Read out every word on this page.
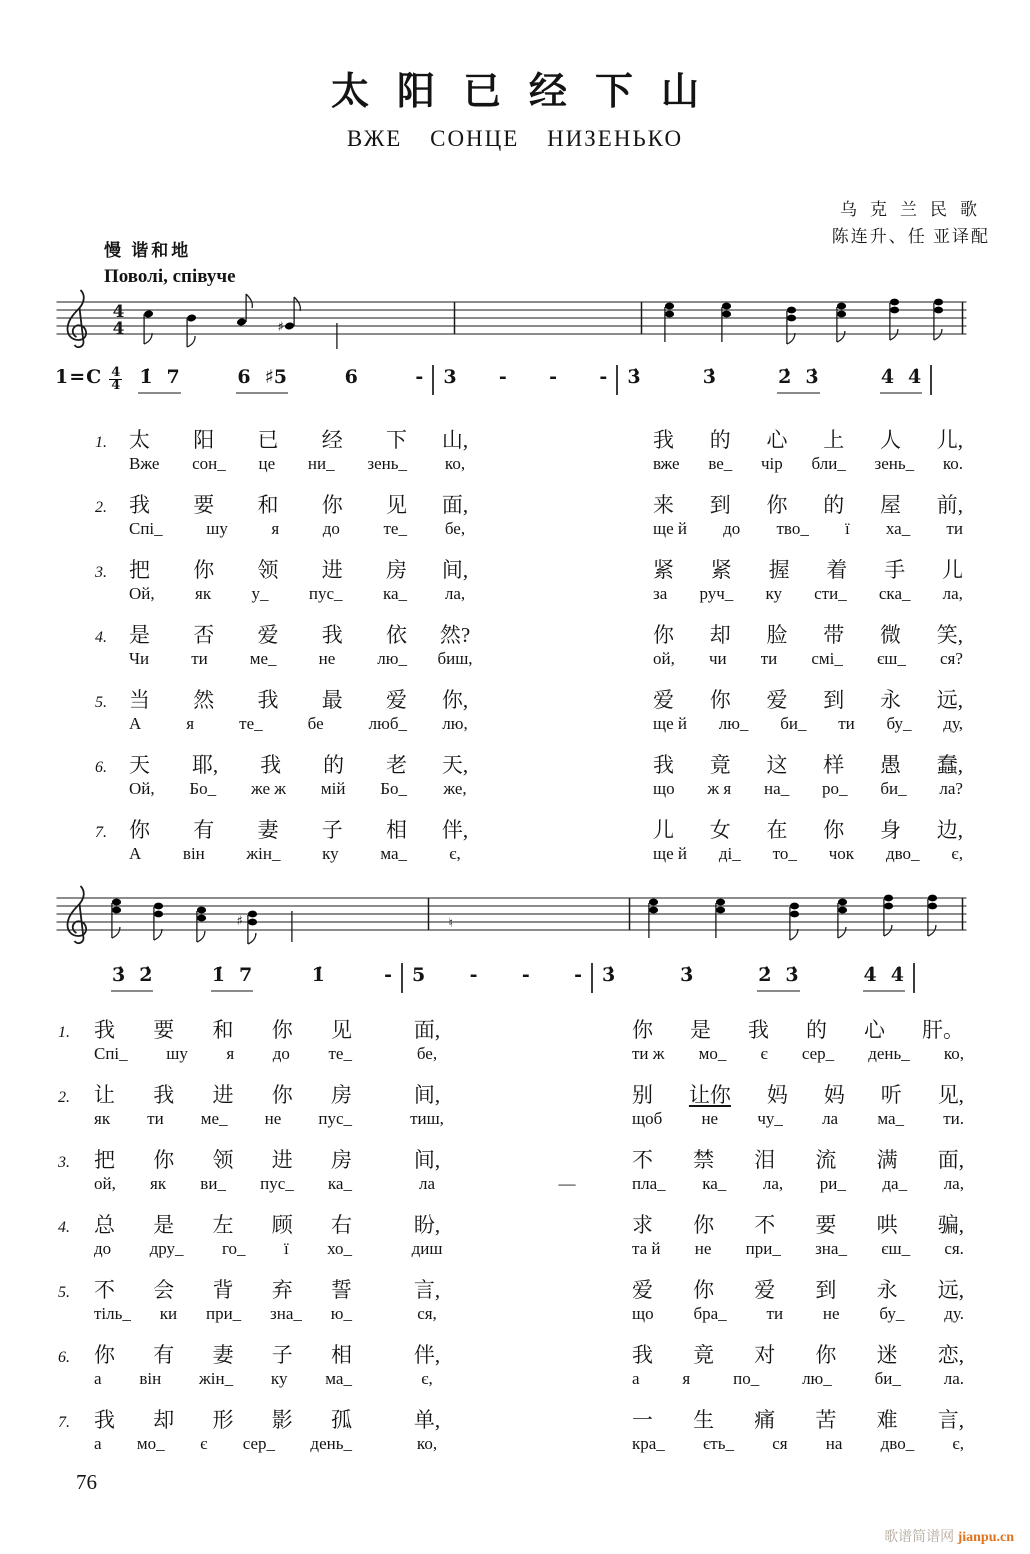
太阳已经下山
ВЖЕ СОНЦЕ НИЗЕНЬКО
乌克兰民歌
陈连升、任 亚译配
慢 谐和地
Поволі, співуче
4
4	♯
$1=C \frac{4}{4}$ 1̇ 7	6 ♯5	6	- 3 - - - 3̇	3̇	2̇ 3̇	4̇ 4̇
1.	太 阳 已 经 下	山,	我 的 心 上 人 儿,
Вже сон_ це ни_ зень_	ко,	вже ве_ чір бли_ зень_ ко.
2.	我 要 和 你 见	面,	来 到 你 的 屋 前,
Спі_	шу	я	до	те_	бе,	ще й до тво_ ї ха_ ти
3.	把 你 领 进 房	间,	紧 紧 握 着 手 儿
Ой, як у_ пус_ ка_	ла,	за руч_ ку сти_ ска_ ла,
4.	是 否 爱 我 依	然?	你 却 脸 带 微 笑,
Чи ти ме_ не лю_	биш,	ой, чи ти смі_ єш_ ся?
5.	当 然 我 最 爱	你,	爱 你 爱 到 永 远,
А	я	те_	бе	люб_	лю,	ще й лю_ би_ ти бу_ ду,
6.	天 耶, 我 的 老	天,	我 竟 这 样 愚 蠢,
Ой, Бо_ же ж мій Бо_	же,	що ж я на_ ро_ би_ ла?
7.	你 有 妻 子 相	伴,	儿 女 在 你 身 边,
А він жін_ ку ма_	є,	ще й ді_ то_ чок дво_ є,
♯	♮
3̇ 2̇	1̇ 7	1̇	- 5 - - - 3̇	3̇	2̇ 3̇	4̇ 4̇
1.	我 要 和 你 见	面,	你 是 我 的 心 肝。
Спі_ шу я до те_	бе,	ти ж мо_ є сер_ день_ ко,
2.	让 我 进 你 房	间,	别 让你 妈 妈 听 见,
як ти ме_ не пус_	тиш,	щоб не чу_ ла ма_ ти.
3.	把 你 领 进 房	间,	不 禁 泪 流 满 面,
ой, як ви_ пус_ ка_	ла	—	пла_ ка_ ла, ри_ да_ ла,
4.	总 是 左 顾 右	盼,	求 你 不 要 哄 骗,
до дру_ го_ ї хо_	диш	та й не при_ зна_ єш_ ся.
5.	不 会 背 弃 誓	言,	爱 你 爱 到 永 远,
тіль_ ки при_ зна_ ю_	ся,	що бра_ ти не бу_ ду.
6.	你 有 妻 子 相	伴,	我 竟 对 你 迷 恋,
а він жін_ ку ма_	є,	а	я	по_	лю_	би_	ла.
7.	我 却 形 影 孤	单,	一 生 痛 苦 难 言,
а мо_ є сер_ день_	ко,	кра_ єть_ ся на дво_ є,
76
歌谱简谱网 jianpu.cn
